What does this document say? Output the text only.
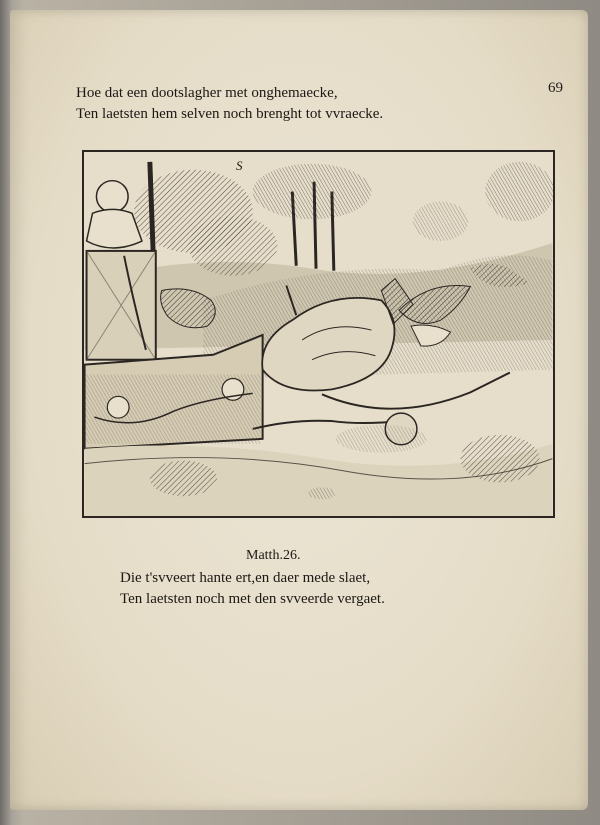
69
Hoe dat een dootslagher met onghemaecke,
Ten laetsten hem selven noch brenght tot vvraecke.
S
Matth.26.
Die t'svveert hante ert,en daer mede slaet,
Ten laetsten noch met den svveerde vergaet.
